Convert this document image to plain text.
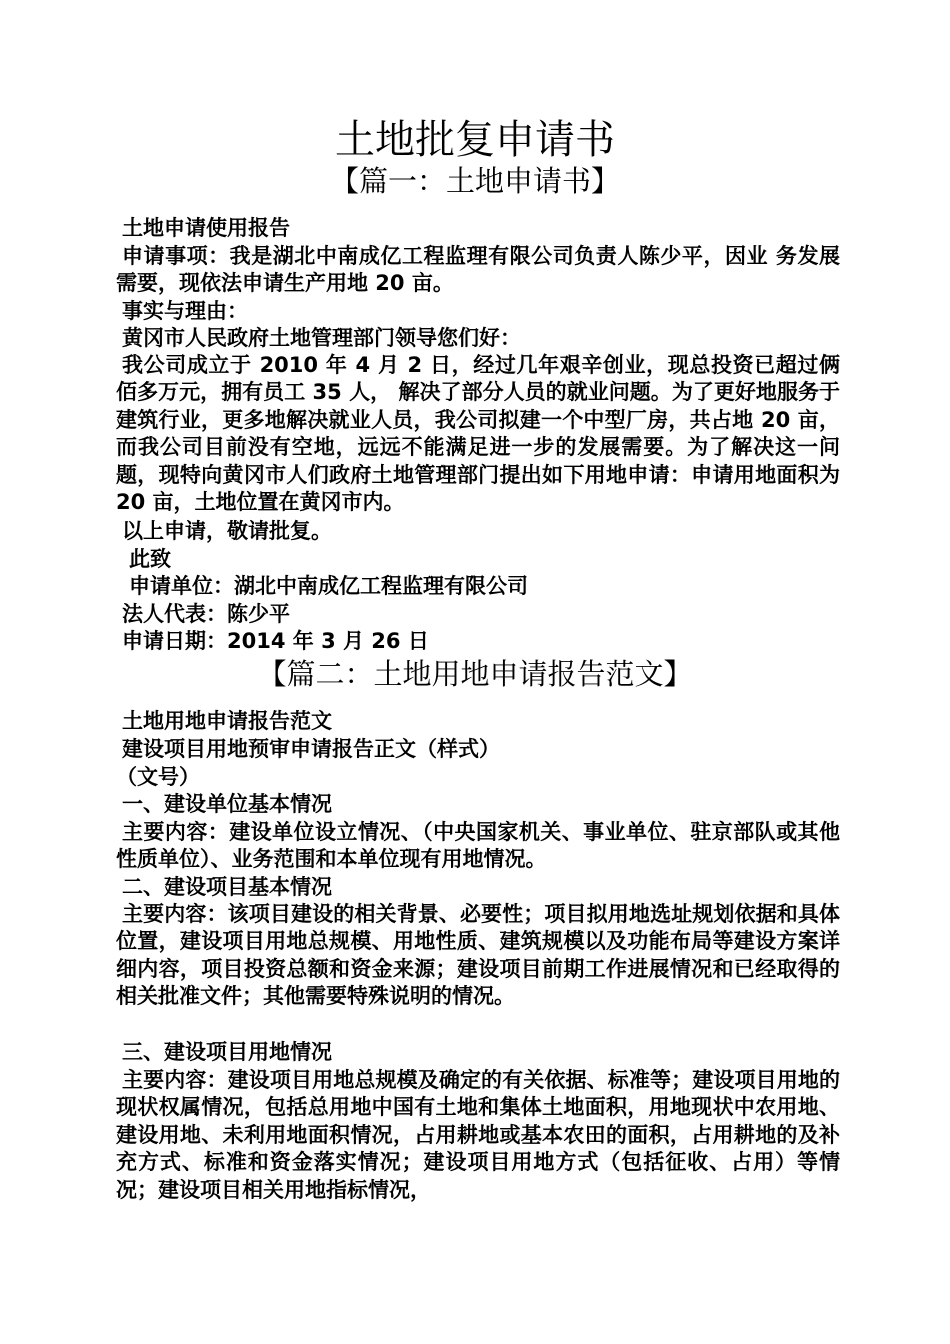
土地批复申请书
【篇一：土地申请书】
土地申请使用报告
申请事项：我是湖北中南成亿工程监理有限公司负责人陈少平，因业 务发展需要，现依法申请生产用地 20 亩。
事实与理由：
黄冈市人民政府土地管理部门领导您们好：
我公司成立于 2010 年 4 月 2 日，经过几年艰辛创业，现总投资已超过俩佰多万元，拥有员工 35 人， 解决了部分人员的就业问题。为了更好地服务于建筑行业，更多地解决就业人员，我公司拟建一个中型厂房，共占地 20 亩，而我公司目前没有空地，远远不能满足进一步的发展需要。为了解决这一问题，现特向黄冈市人们政府土地管理部门提出如下用地申请：申请用地面积为 20 亩，土地位置在黄冈市内。
以上申请，敬请批复。
此致
申请单位：湖北中南成亿工程监理有限公司
法人代表：陈少平
申请日期：2014 年 3 月 26 日
【篇二：土地用地申请报告范文】
土地用地申请报告范文
建设项目用地预审申请报告正文（样式）
（文号）
一、建设单位基本情况
主要内容：建设单位设立情况、（中央国家机关、事业单位、驻京部队或其他性质单位）、业务范围和本单位现有用地情况。
二、建设项目基本情况
主要内容：该项目建设的相关背景、必要性；项目拟用地选址规划依据和具体位置，建设项目用地总规模、用地性质、建筑规模以及功能布局等建设方案详细内容，项目投资总额和资金来源；建设项目前期工作进展情况和已经取得的相关批准文件；其他需要特殊说明的情况。
三、建设项目用地情况
主要内容：建设项目用地总规模及确定的有关依据、标准等；建设项目用地的现状权属情况，包括总用地中国有土地和集体土地面积，用地现状中农用地、建设用地、未利用地面积情况，占用耕地或基本农田的面积，占用耕地的及补充方式、标准和资金落实情况；建设项目用地方式（包括征收、占用）等情况；建设项目相关用地指标情况，
